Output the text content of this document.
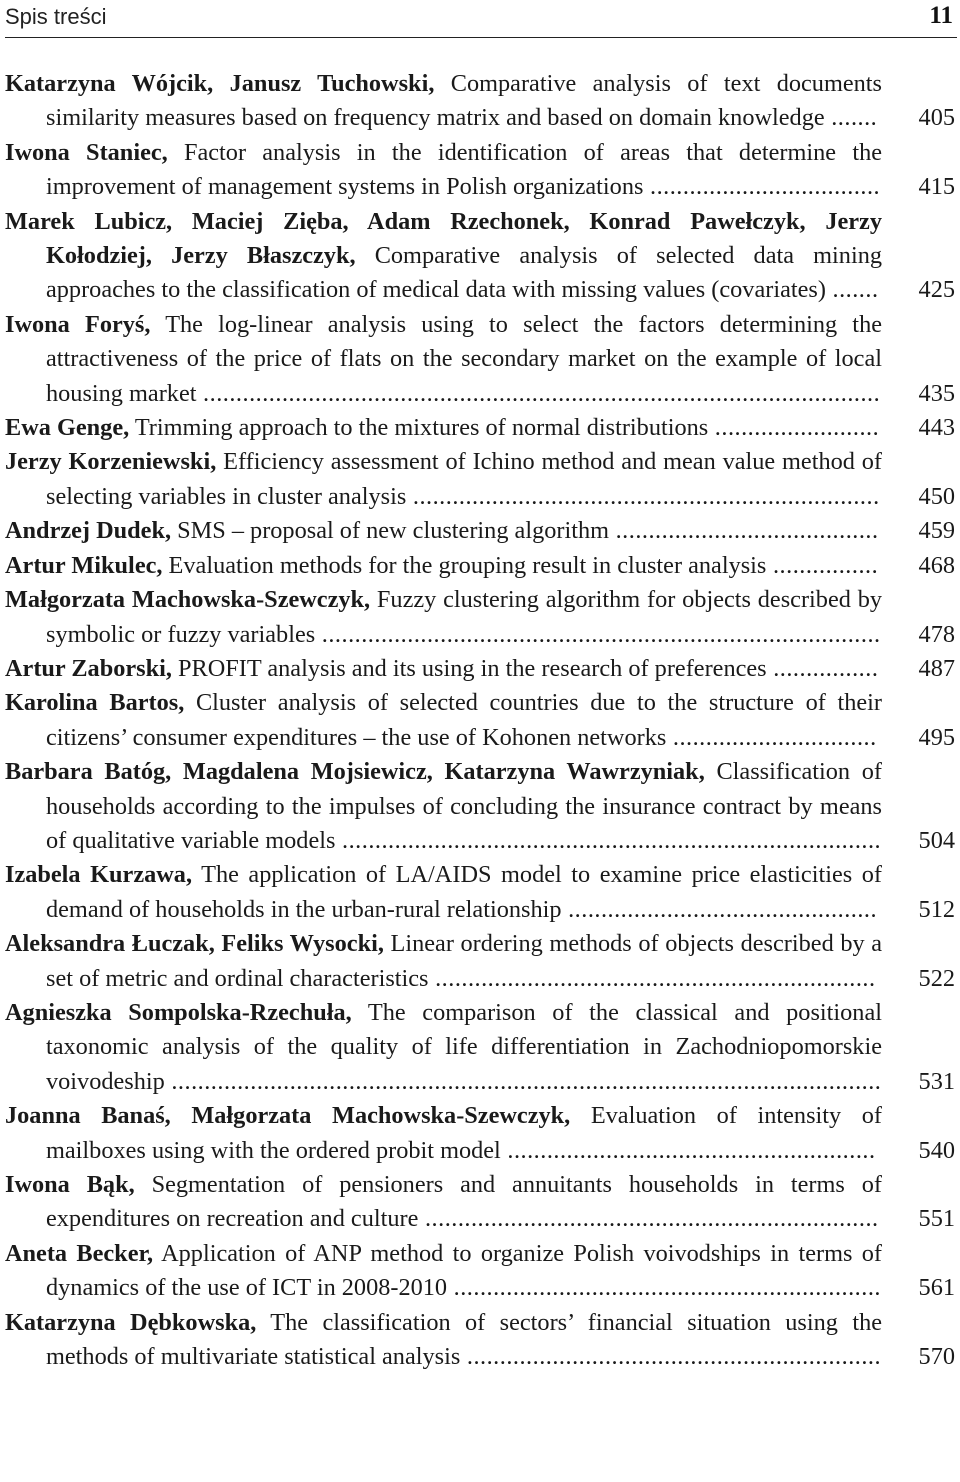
Spis treści	11
Katarzyna Wójcik, Janusz Tuchowski, Comparative analysis of text documents similarity measures based on frequency matrix and based on domain knowledge .......	405
Iwona Staniec, Factor analysis in the identification of areas that determine the improvement of management systems in Polish organizations ...................................	415
Marek Lubicz, Maciej Zięba, Adam Rzechonek, Konrad Pawełczyk, Jerzy Kołodziej, Jerzy Błaszczyk, Comparative analysis of selected data mining approaches to the classification of medical data with missing values (covariates) .......	425
Iwona Foryś, The log-linear analysis using to select the factors determining the attractiveness of the price of flats on the secondary market on the example of local housing market .......................................................................................................	435
Ewa Genge, Trimming approach to the mixtures of normal distributions .........................	443
Jerzy Korzeniewski, Efficiency assessment of Ichino method and mean value method of selecting variables in cluster analysis .......................................................................	450
Andrzej Dudek, SMS – proposal of new clustering algorithm ........................................	459
Artur Mikulec, Evaluation methods for the grouping result in cluster analysis ................	468
Małgorzata Machowska-Szewczyk, Fuzzy clustering algorithm for objects described by symbolic or fuzzy variables .....................................................................................	478
Artur Zaborski, PROFIT analysis and its using in the research of preferences ................	487
Karolina Bartos, Cluster analysis of selected countries due to the structure of their citizens’ consumer expenditures – the use of Kohonen networks ...............................	495
Barbara Batóg, Magdalena Mojsiewicz, Katarzyna Wawrzyniak, Classification of households according to the impulses of concluding the insurance contract by means of qualitative variable models ..................................................................................	504
Izabela Kurzawa, The application of LA/AIDS model to examine price elasticities of demand of households in the urban-rural relationship ...............................................	512
Aleksandra Łuczak, Feliks Wysocki, Linear ordering methods of objects described by a set of metric and ordinal characteristics ...................................................................	522
Agnieszka Sompolska-Rzechuła, The comparison of the classical and positional taxonomic analysis of the quality of life differentiation in Zachodniopomorskie voivodeship ............................................................................................................	531
Joanna Banaś, Małgorzata Machowska-Szewczyk, Evaluation of intensity of mailboxes using with the ordered probit model ........................................................	540
Iwona Bąk, Segmentation of pensioners and annuitants households in terms of expenditures on recreation and culture .....................................................................	551
Aneta Becker, Application of ANP method to organize Polish voivodships in terms of dynamics of the use of ICT in 2008-2010 .................................................................	561
Katarzyna Dębkowska, The classification of sectors’ financial situation using the methods of multivariate statistical analysis ...............................................................	570
